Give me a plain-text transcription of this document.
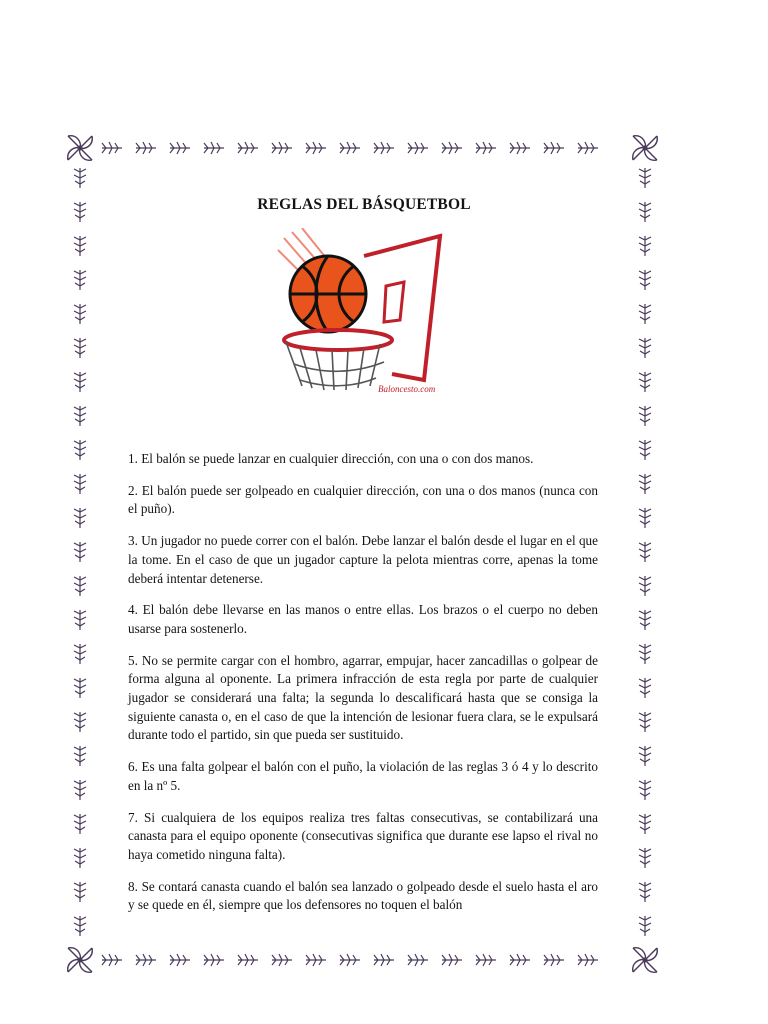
REGLAS DEL BÁSQUETBOL
Baloncesto.com

1. El balón se puede lanzar en cualquier dirección, con una o con dos manos.

2. El balón puede ser golpeado en cualquier dirección, con una o dos manos (nunca con el puño).

3. Un jugador no puede correr con el balón. Debe lanzar el balón desde el lugar en el que la tome. En el caso de que un jugador capture la pelota mientras corre, apenas la tome deberá intentar detenerse.

4. El balón debe llevarse en las manos o entre ellas. Los brazos o el cuerpo no deben usarse para sostenerlo.

5. No se permite cargar con el hombro, agarrar, empujar, hacer zancadillas o golpear de forma alguna al oponente. La primera infracción de esta regla por parte de cualquier jugador se considerará una falta; la segunda lo descalificará hasta que se consiga la siguiente canasta o, en el caso de que la intención de lesionar fuera clara, se le expulsará durante todo el partido, sin que pueda ser sustituido.

6. Es una falta golpear el balón con el puño, la violación de las reglas 3 ó 4 y lo descrito en la nº 5.

7. Si cualquiera de los equipos realiza tres faltas consecutivas, se contabilizará una canasta para el equipo oponente (consecutivas significa que durante ese lapso el rival no haya cometido ninguna falta).

8. Se contará canasta cuando el balón sea lanzado o golpeado desde el suelo hasta el aro y se quede en él, siempre que los defensores no toquen el balón
